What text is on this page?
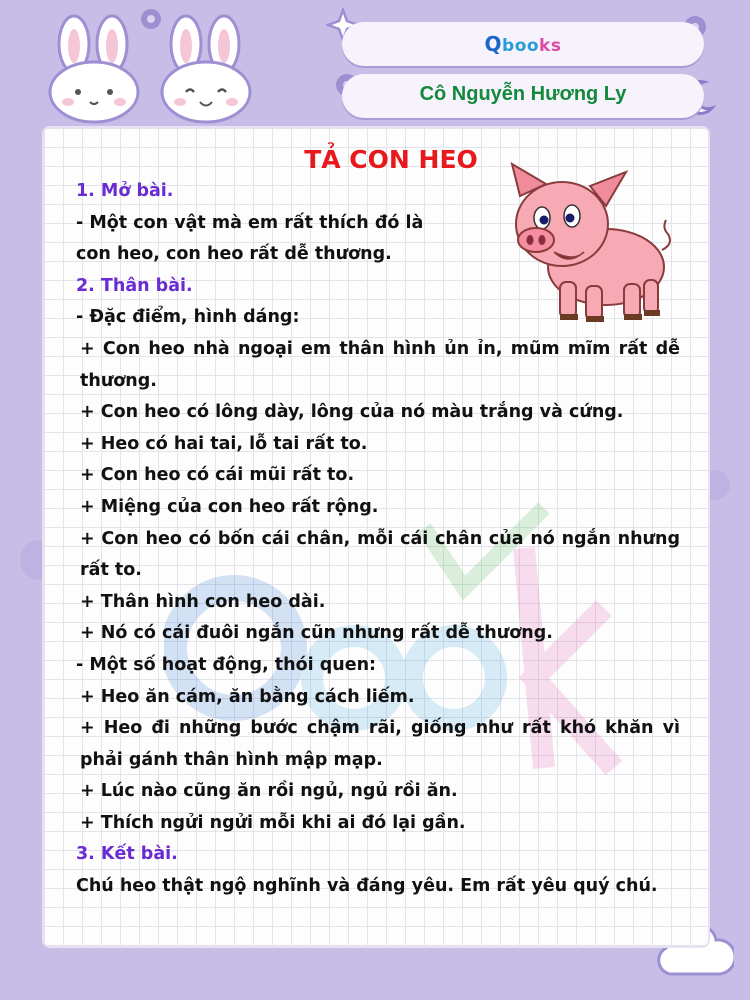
Qbooks
Cô Nguyễn Hương Ly
TẢ CON HEO
1. Mở bài.
- Một con vật mà em rất thích đó là con heo, con heo rất dễ thương.
2. Thân bài.
- Đặc điểm, hình dáng:
+ Con heo nhà ngoại em thân hình ủn ỉn, mũm mĩm rất dễ thương.
+ Con heo có lông dày, lông của nó màu trắng và cứng.
+ Heo có hai tai, lỗ tai rất to.
+ Con heo có cái mũi rất to.
+ Miệng của con heo rất rộng.
+ Con heo có bốn cái chân, mỗi cái chân của nó ngắn nhưng rất to.
+ Thân hình con heo dài.
+ Nó có cái đuôi ngắn cũn nhưng rất dễ thương.
- Một số hoạt động, thói quen:
+ Heo ăn cám, ăn bằng cách liếm.
+ Heo đi những bước chậm rãi, giống như rất khó khăn vì phải gánh thân hình mập mạp.
+ Lúc nào cũng ăn rồi ngủ, ngủ rồi ăn.
+ Thích ngửi ngửi mỗi khi ai đó lại gần.
3. Kết bài.
Chú heo thật ngộ nghĩnh và đáng yêu. Em rất yêu quý chú.
